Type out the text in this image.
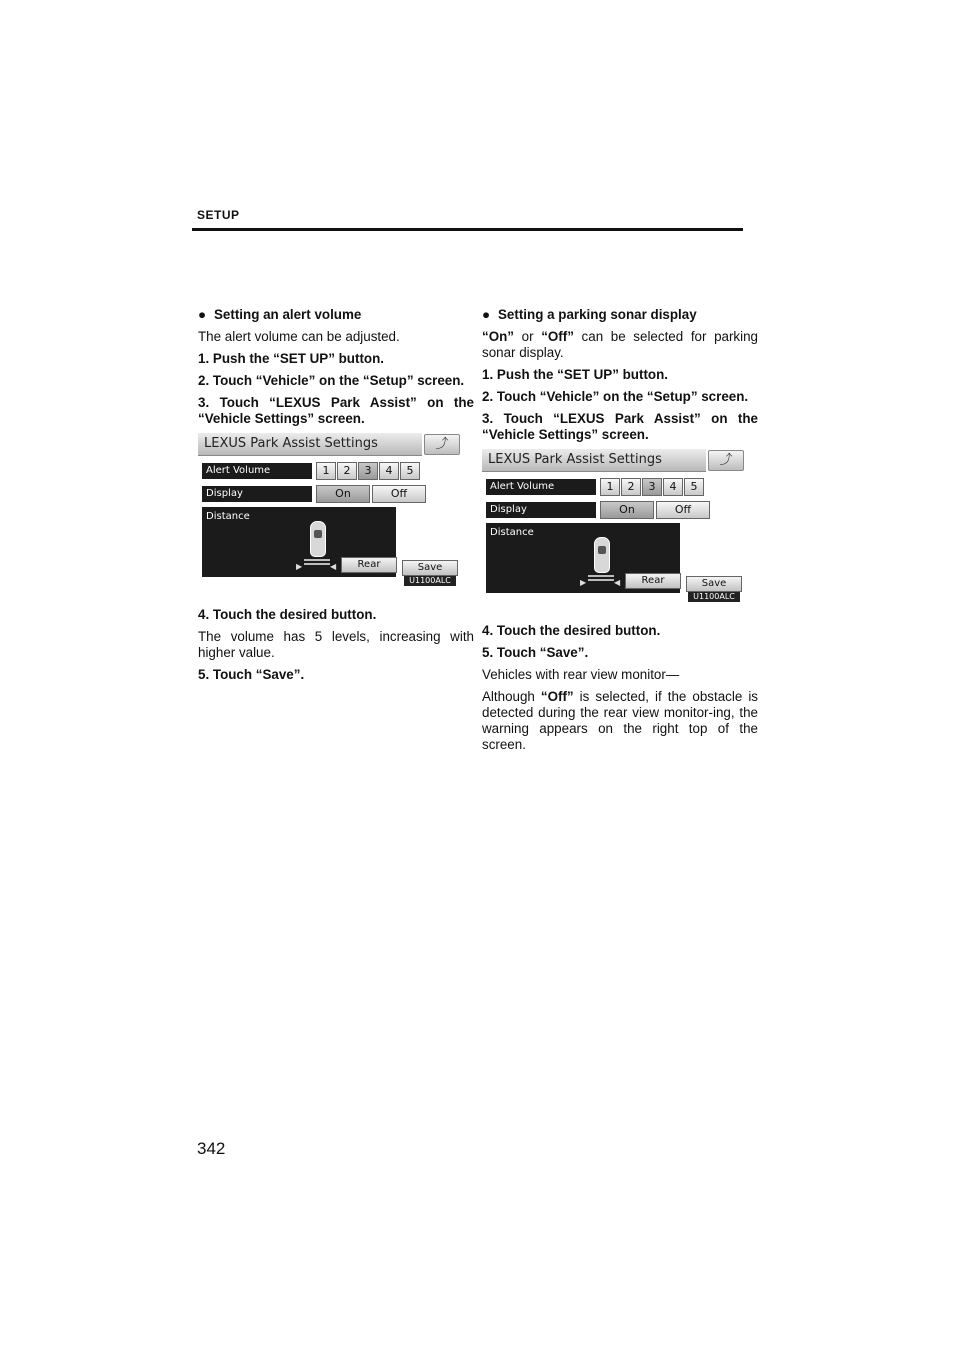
SETUP
● Setting an alert volume

The alert volume can be adjusted.

1. Push the “SET UP” button.

2. Touch “Vehicle” on the “Setup” screen.

3. Touch “LEXUS Park Assist” on the “Vehicle Settings” screen.

LEXUS Park Assist Settings	⤴
Alert Volume	1	2	3	4	5
Display	On	Off
Distance
▶	◀	Rear	Save
U1100ALC

4. Touch the desired button.

The volume has 5 levels, increasing with higher value.

5. Touch “Save”.

● Setting a parking sonar display

“On” or “Off” can be selected for parking sonar display.

1. Push the “SET UP” button.

2. Touch “Vehicle” on the “Setup” screen.

3. Touch “LEXUS Park Assist” on the “Vehicle Settings” screen.

LEXUS Park Assist Settings	⤴
Alert Volume	1	2	3	4	5
Display	On	Off
Distance
▶	◀	Rear	Save
U1100ALC

4. Touch the desired button.

5. Touch “Save”.

Vehicles with rear view monitor—

Although “Off” is selected, if the obstacle is detected during the rear view monitor-ing, the warning appears on the right top of the screen.

342
